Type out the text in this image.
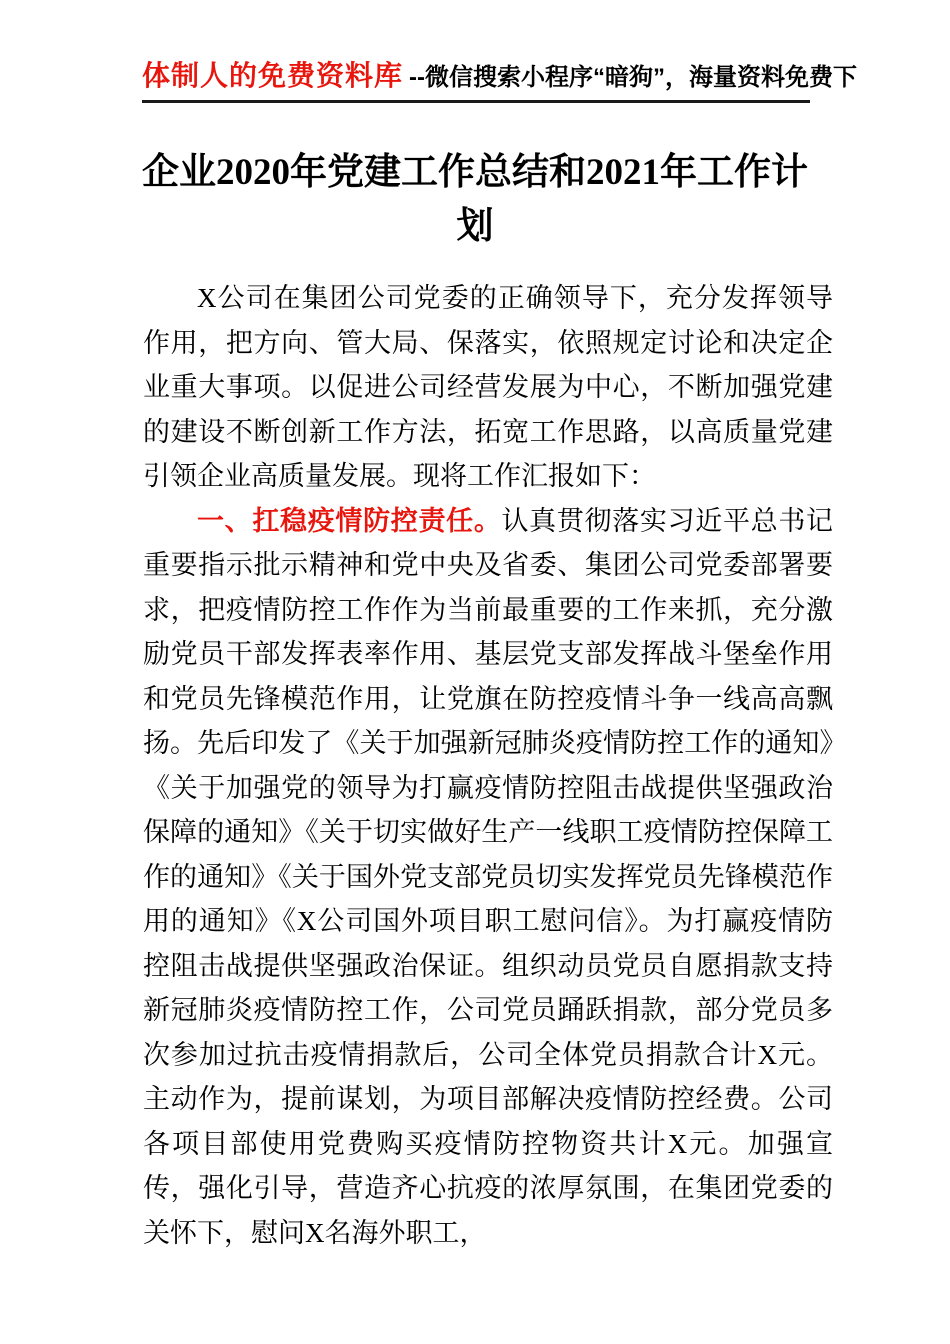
体制人的免费资料库 --微信搜索小程序“暗狗”，海量资料免费下
企业2020年党建工作总结和2021年工作计划

X公司在集团公司党委的正确领导下，充分发挥领导作用，把方向、管大局、保落实，依照规定讨论和决定企业重大事项。以促进公司经营发展为中心，不断加强党建的建设不断创新工作方法，拓宽工作思路，以高质量党建引领企业高质量发展。现将工作汇报如下：

一、扛稳疫情防控责任。认真贯彻落实习近平总书记重要指示批示精神和党中央及省委、集团公司党委部署要求，把疫情防控工作作为当前最重要的工作来抓，充分激励党员干部发挥表率作用、基层党支部发挥战斗堡垒作用和党员先锋模范作用，让党旗在防控疫情斗争一线高高飘扬。先后印发了《关于加强新冠肺炎疫情防控工作的通知》《关于加强党的领导为打赢疫情防控阻击战提供坚强政治保障的通知》《关于切实做好生产一线职工疫情防控保障工作的通知》《关于国外党支部党员切实发挥党员先锋模范作用的通知》《X公司国外项目职工慰问信》。为打赢疫情防控阻击战提供坚强政治保证。组织动员党员自愿捐款支持新冠肺炎疫情防控工作，公司党员踊跃捐款，部分党员多次参加过抗击疫情捐款后，公司全体党员捐款合计X元。主动作为，提前谋划，为项目部解决疫情防控经费。公司各项目部使用党费购买疫情防控物资共计X元。加强宣传，强化引导，营造齐心抗疫的浓厚氛围，在集团党委的关怀下，慰问X名海外职工，
